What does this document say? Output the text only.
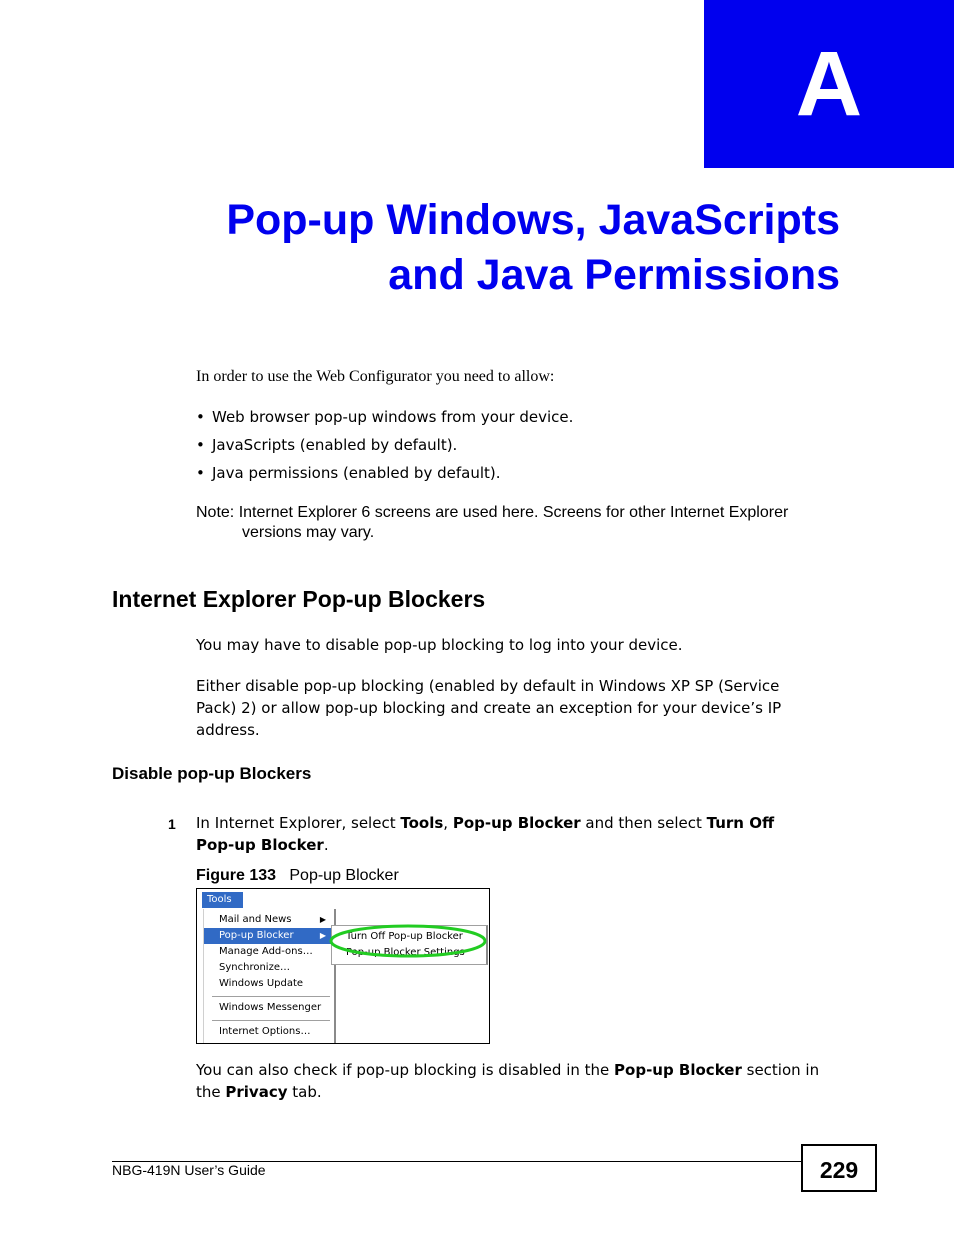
A
Pop-up Windows, JavaScripts
and Java Permissions
In order to use the Web Configurator you need to allow:
• Web browser pop-up windows from your device.
• JavaScripts (enabled by default).
• Java permissions (enabled by default).
Note: Internet Explorer 6 screens are used here. Screens for other Internet Explorer
versions may vary.
Internet Explorer Pop-up Blockers
You may have to disable pop-up blocking to log into your device.
Either disable pop-up blocking (enabled by default in Windows XP SP (Service
Pack) 2) or allow pop-up blocking and create an exception for your device’s IP
address.
Disable pop-up Blockers
1 In Internet Explorer, select Tools, Pop-up Blocker and then select Turn Off
Pop-up Blocker.
Figure 133 Pop-up Blocker
Tools
Mail and News	▶
Pop-up Blocker	▶
Manage Add-ons…
Synchronize…
Windows Update
Windows Messenger
Internet Options…
Turn Off Pop-up Blocker
Pop-up Blocker Settings
You can also check if pop-up blocking is disabled in the Pop-up Blocker section in
the Privacy tab.
NBG-419N User’s Guide	229
